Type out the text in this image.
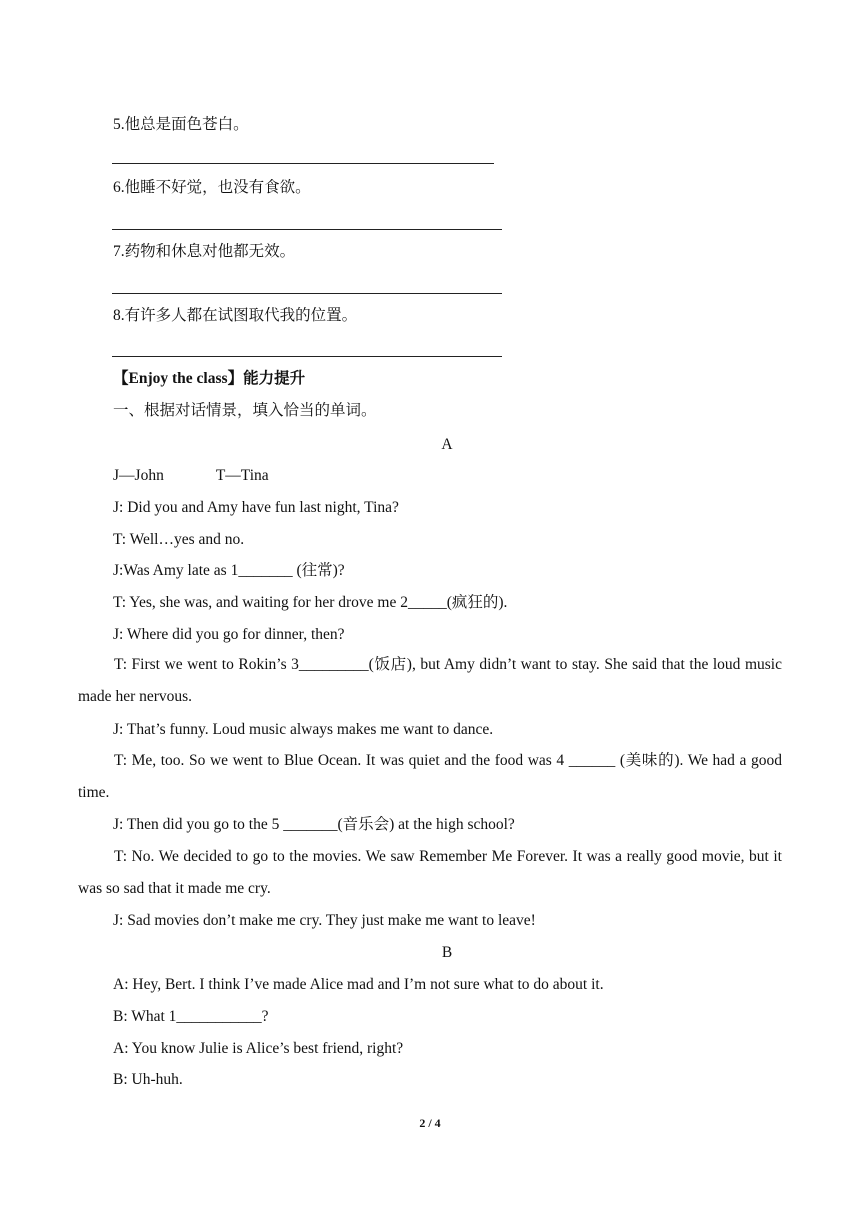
5.他总是面色苍白。
6.他睡不好觉，也没有食欲。
7.药物和休息对他都无效。
8.有许多人都在试图取代我的位置。
【Enjoy the class】能力提升
一、根据对话情景，填入恰当的单词。
A
J—John	T—Tina
J: Did you and Amy have fun last night, Tina?
T: Well…yes and no.
J:Was Amy late as 1_______ (往常)?
T: Yes, she was, and waiting for her drove me 2_____(疯狂的).
J: Where did you go for dinner, then?
T: First we went to Rokin’s 3_________(饭店), but Amy didn’t want to stay. She said that the loud music made her nervous.
J: That’s funny. Loud music always makes me want to dance.
T: Me, too. So we went to Blue Ocean. It was quiet and the food was 4 ______ (美味的). We had a good time.
J: Then did you go to the 5 _______(音乐会) at the high school?
T: No. We decided to go to the movies. We saw Remember Me Forever. It was a really good movie, but it was so sad that it made me cry.
J: Sad movies don’t make me cry. They just make me want to leave!
B
A: Hey, Bert. I think I’ve made Alice mad and I’m not sure what to do about it.
B: What 1___________?
A: You know Julie is Alice’s best friend, right?
B: Uh-huh.
2 / 4
